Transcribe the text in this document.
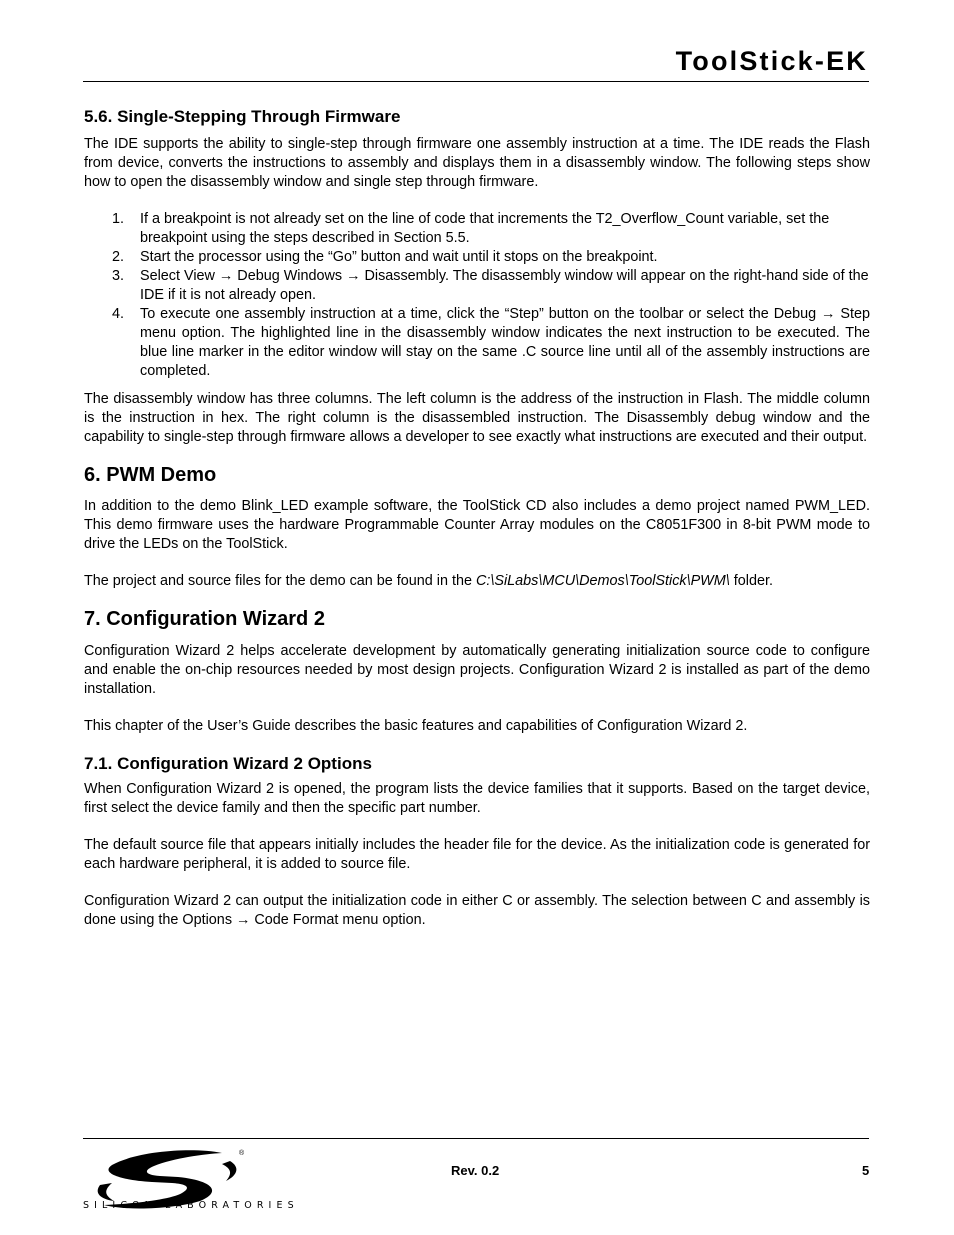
ToolStick-EK

5.6. Single-Stepping Through Firmware

The IDE supports the ability to single-step through firmware one assembly instruction at a time. The IDE reads the Flash from device, converts the instructions to assembly and displays them in a disassembly window. The following steps show how to open the disassembly window and single step through firmware.

1. If a breakpoint is not already set on the line of code that increments the T2_Overflow_Count variable, set the breakpoint using the steps described in Section 5.5.
2. Start the processor using the “Go” button and wait until it stops on the breakpoint.
3. Select View → Debug Windows → Disassembly. The disassembly window will appear on the right-hand side of the IDE if it is not already open.
4. To execute one assembly instruction at a time, click the “Step” button on the toolbar or select the Debug → Step menu option. The highlighted line in the disassembly window indicates the next instruction to be executed. The blue line marker in the editor window will stay on the same .C source line until all of the assembly instructions are completed.

The disassembly window has three columns. The left column is the address of the instruction in Flash. The middle column is the instruction in hex. The right column is the disassembled instruction. The Disassembly debug window and the capability to single-step through firmware allows a developer to see exactly what instructions are executed and their output.

6. PWM Demo

In addition to the demo Blink_LED example software, the ToolStick CD also includes a demo project named PWM_LED. This demo firmware uses the hardware Programmable Counter Array modules on the C8051F300 in 8-bit PWM mode to drive the LEDs on the ToolStick.

The project and source files for the demo can be found in the C:\SiLabs\MCU\Demos\ToolStick\PWM\ folder.

7. Configuration Wizard 2

Configuration Wizard 2 helps accelerate development by automatically generating initialization source code to configure and enable the on-chip resources needed by most design projects. Configuration Wizard 2 is installed as part of the demo installation.

This chapter of the User’s Guide describes the basic features and capabilities of Configuration Wizard 2.

7.1. Configuration Wizard 2 Options

When Configuration Wizard 2 is opened, the program lists the device families that it supports. Based on the target device, first select the device family and then the specific part number.

The default source file that appears initially includes the header file for the device. As the initialization code is generated for each hardware peripheral, it is added to source file.

Configuration Wizard 2 can output the initialization code in either C or assembly. The selection between C and assembly is done using the Options → Code Format menu option.

®
SILICON LABORATORIES
Rev. 0.2	5
